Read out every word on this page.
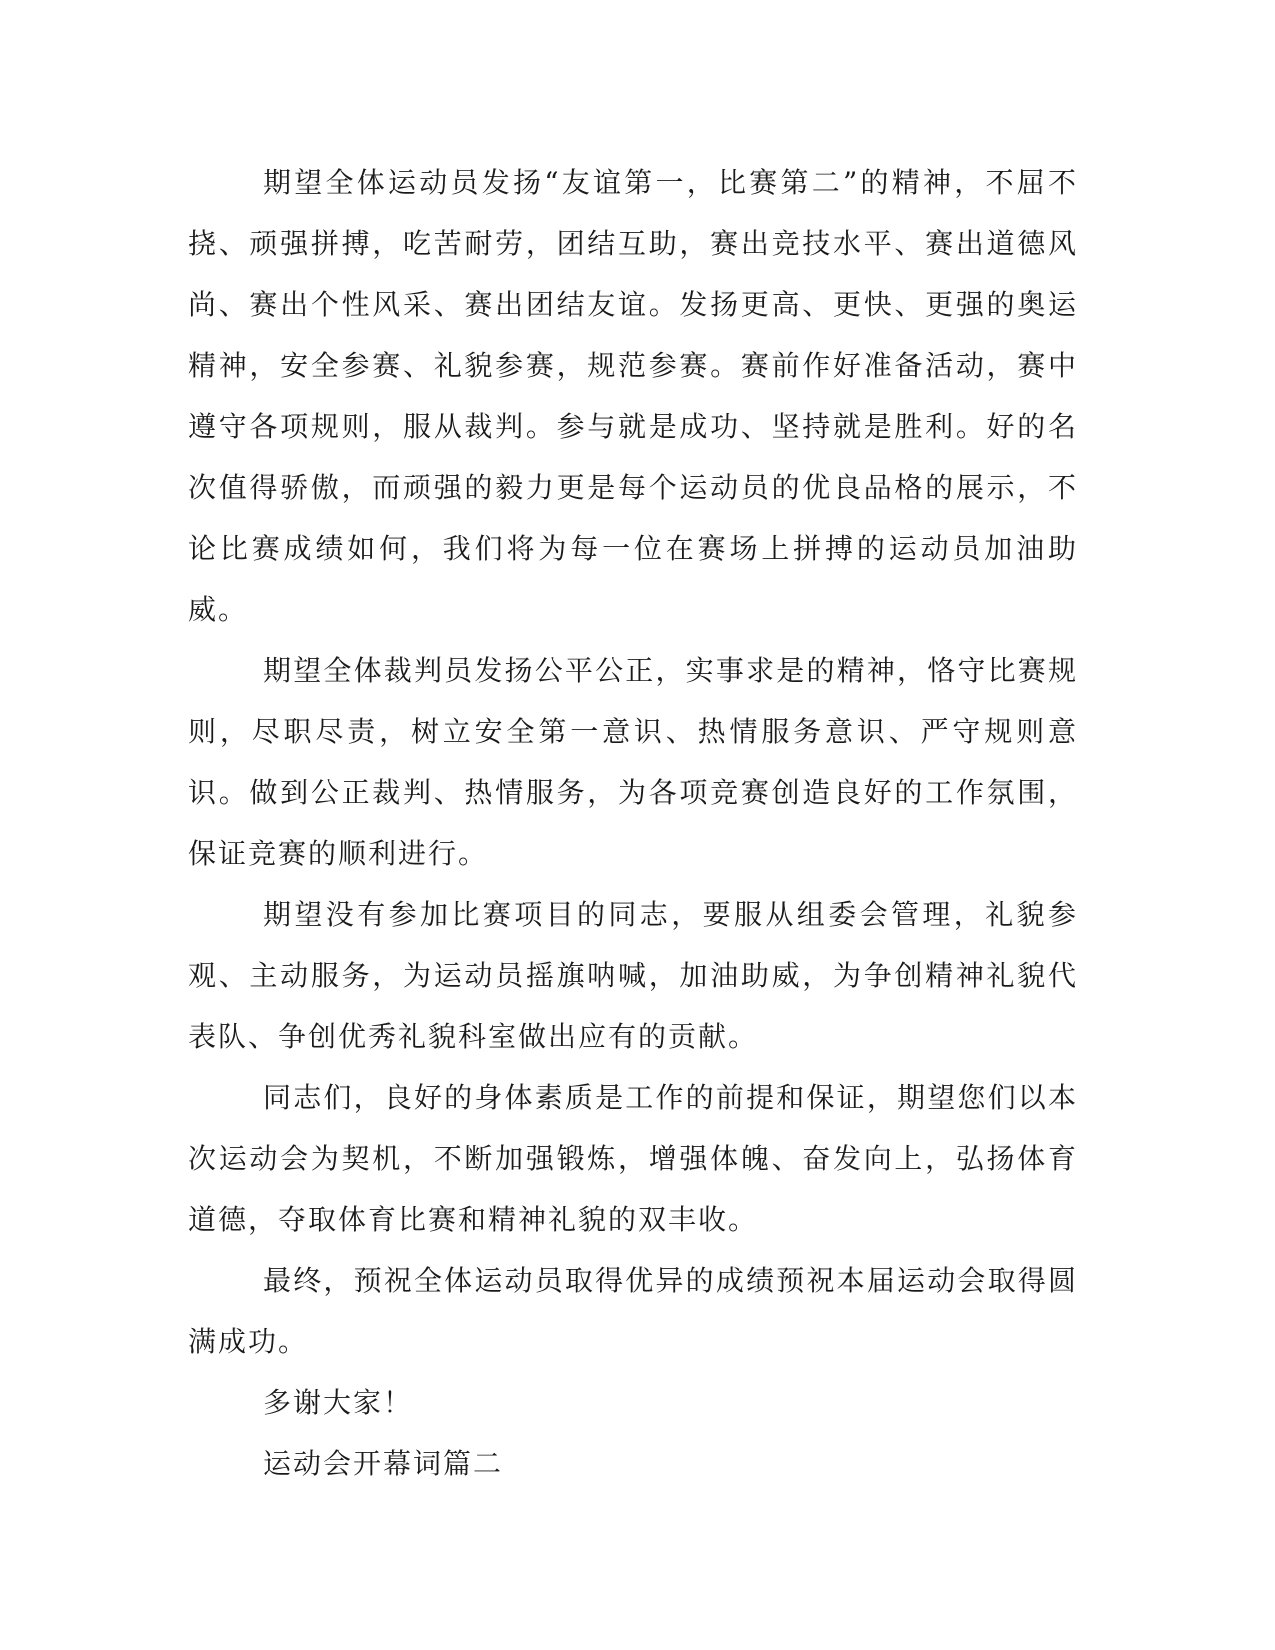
期望全体运动员发扬“友谊第一，比赛第二”的精神，不屈不挠、顽强拼搏，吃苦耐劳，团结互助，赛出竞技水平、赛出道德风尚、赛出个性风采、赛出团结友谊。发扬更高、更快、更强的奥运精神，安全参赛、礼貌参赛，规范参赛。赛前作好准备活动，赛中遵守各项规则，服从裁判。参与就是成功、坚持就是胜利。好的名次值得骄傲，而顽强的毅力更是每个运动员的优良品格的展示，不论比赛成绩如何，我们将为每一位在赛场上拼搏的运动员加油助威。

期望全体裁判员发扬公平公正，实事求是的精神，恪守比赛规则，尽职尽责，树立安全第一意识、热情服务意识、严守规则意识。做到公正裁判、热情服务，为各项竞赛创造良好的工作氛围，保证竞赛的顺利进行。

期望没有参加比赛项目的同志，要服从组委会管理，礼貌参观、主动服务，为运动员摇旗呐喊，加油助威，为争创精神礼貌代表队、争创优秀礼貌科室做出应有的贡献。

同志们，良好的身体素质是工作的前提和保证，期望您们以本次运动会为契机，不断加强锻炼，增强体魄、奋发向上，弘扬体育道德，夺取体育比赛和精神礼貌的双丰收。

最终，预祝全体运动员取得优异的成绩预祝本届运动会取得圆满成功。

多谢大家！

运动会开幕词篇二
